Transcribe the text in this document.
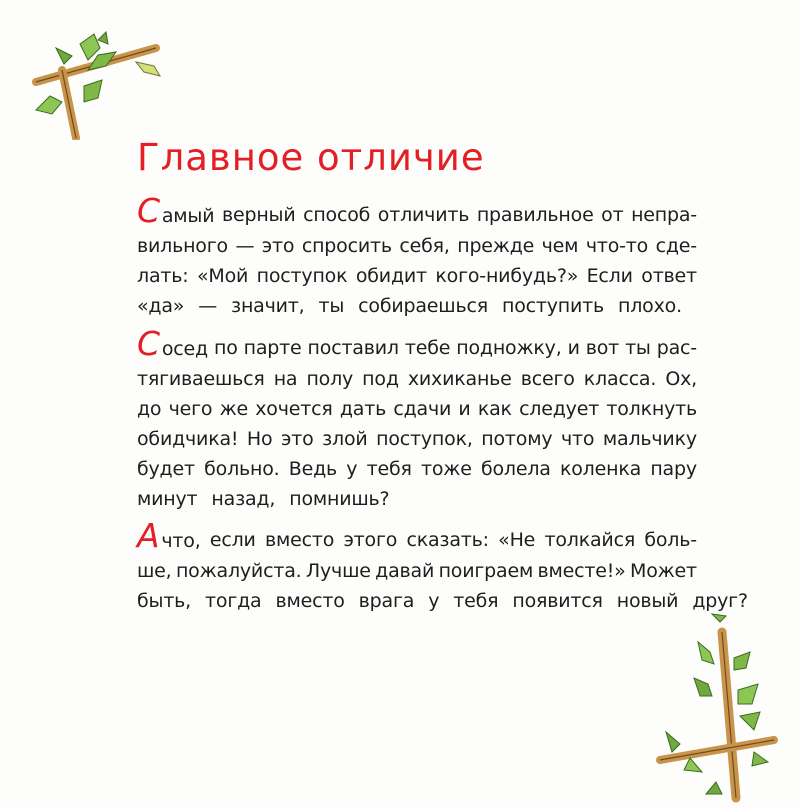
Главное отличие
Самый верный способ отличить правильное от непра-
вильного — это спросить себя, прежде чем что-то сде-
лать: «Мой поступок обидит кого-нибудь?» Если ответ
«да» — значит, ты собираешься поступить плохо.
Сосед по парте поставил тебе подножку, и вот ты рас-
тягиваешься на полу под хихиканье всего класса. Ох,
до чего же хочется дать сдачи и как следует толкнуть
обидчика! Но это злой поступок, потому что мальчику
будет больно. Ведь у тебя тоже болела коленка пару
минут назад, помнишь?
Ачто, если вместо этого сказать: «Не толкайся боль-
ше, пожалуйста. Лучше давай поиграем вместе!» Может
быть, тогда вместо врага у тебя появится новый друг?
